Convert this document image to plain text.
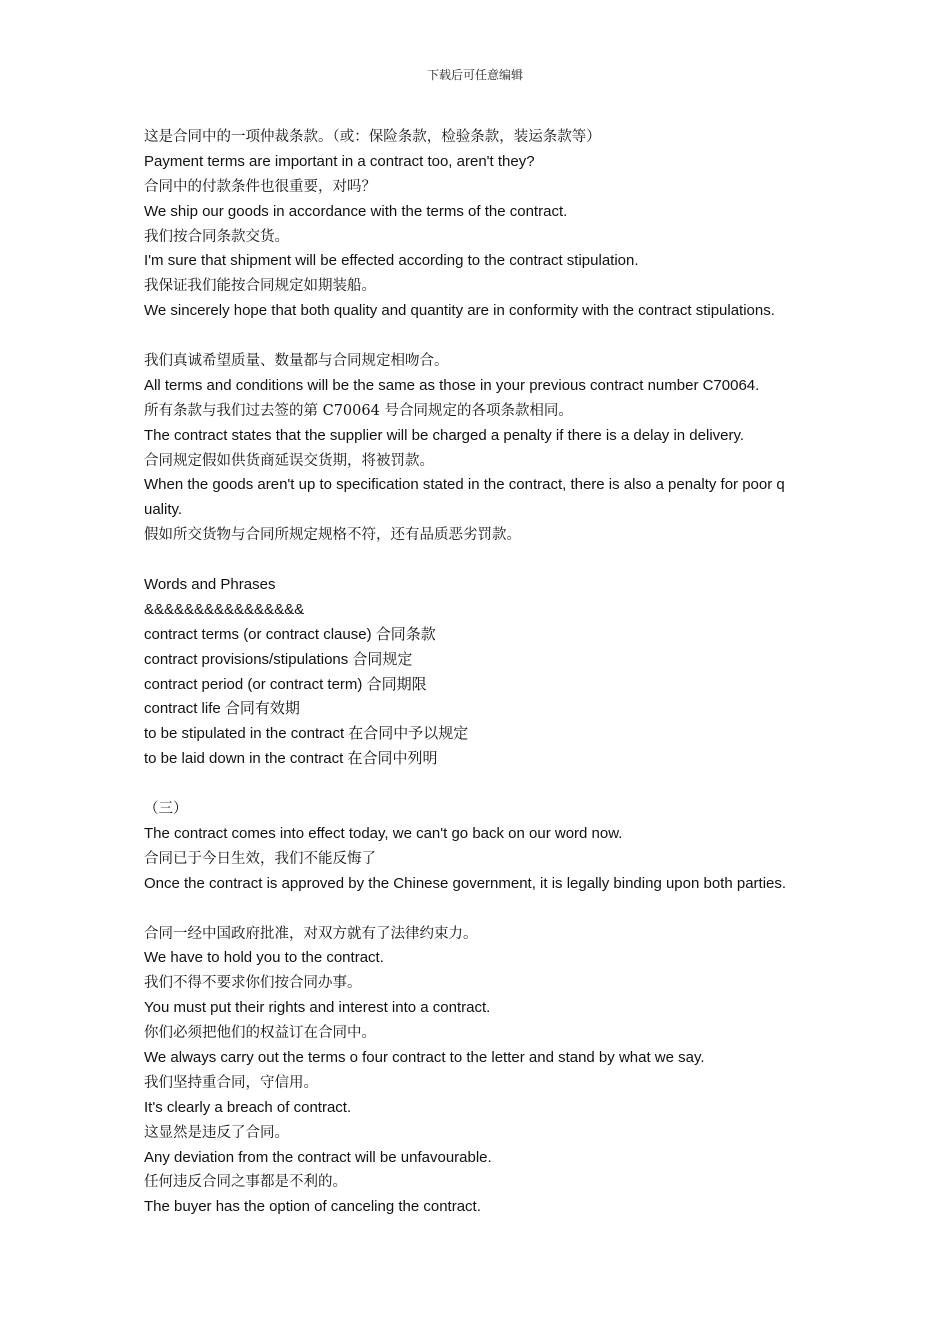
下载后可任意编辑
这是合同中的一项仲裁条款。（或：保险条款，检验条款，装运条款等）
Payment terms are important in a contract too, aren't they?
合同中的付款条件也很重要，对吗？
We ship our goods in accordance with the terms of the contract.
我们按合同条款交货。
I'm sure that shipment will be effected according to the contract stipulation.
我保证我们能按合同规定如期装船。
We sincerely hope that both quality and quantity are in conformity with the contract stipulations.
我们真诚希望质量、数量都与合同规定相吻合。
All terms and conditions will be the same as those in your previous contract number C70064.
所有条款与我们过去签的第 C70064 号合同规定的各项条款相同。
The contract states that the supplier will be charged a penalty if there is a delay in delivery.
合同规定假如供货商延误交货期，将被罚款。
When the goods aren't up to specification stated in the contract, there is also a penalty for poor q
uality.
假如所交货物与合同所规定规格不符，还有品质恶劣罚款。
Words and Phrases
&&&&&&&&&&&&&&&&
contract terms (or contract clause) 合同条款
contract provisions/stipulations 合同规定
contract period (or contract term) 合同期限
contract life 合同有效期
to be stipulated in the contract 在合同中予以规定
to be laid down in the contract 在合同中列明
（三）
The contract comes into effect today, we can't go back on our word now.
合同已于今日生效，我们不能反悔了
Once the contract is approved by the Chinese government, it is legally binding upon both parties.
合同一经中国政府批准，对双方就有了法律约束力。
We have to hold you to the contract.
我们不得不要求你们按合同办事。
You must put their rights and interest into a contract.
你们必须把他们的权益订在合同中。
We always carry out the terms o four contract to the letter and stand by what we say.
我们坚持重合同，守信用。
It's clearly a breach of contract.
这显然是违反了合同。
Any deviation from the contract will be unfavourable.
任何违反合同之事都是不利的。
The buyer has the option of canceling the contract.
